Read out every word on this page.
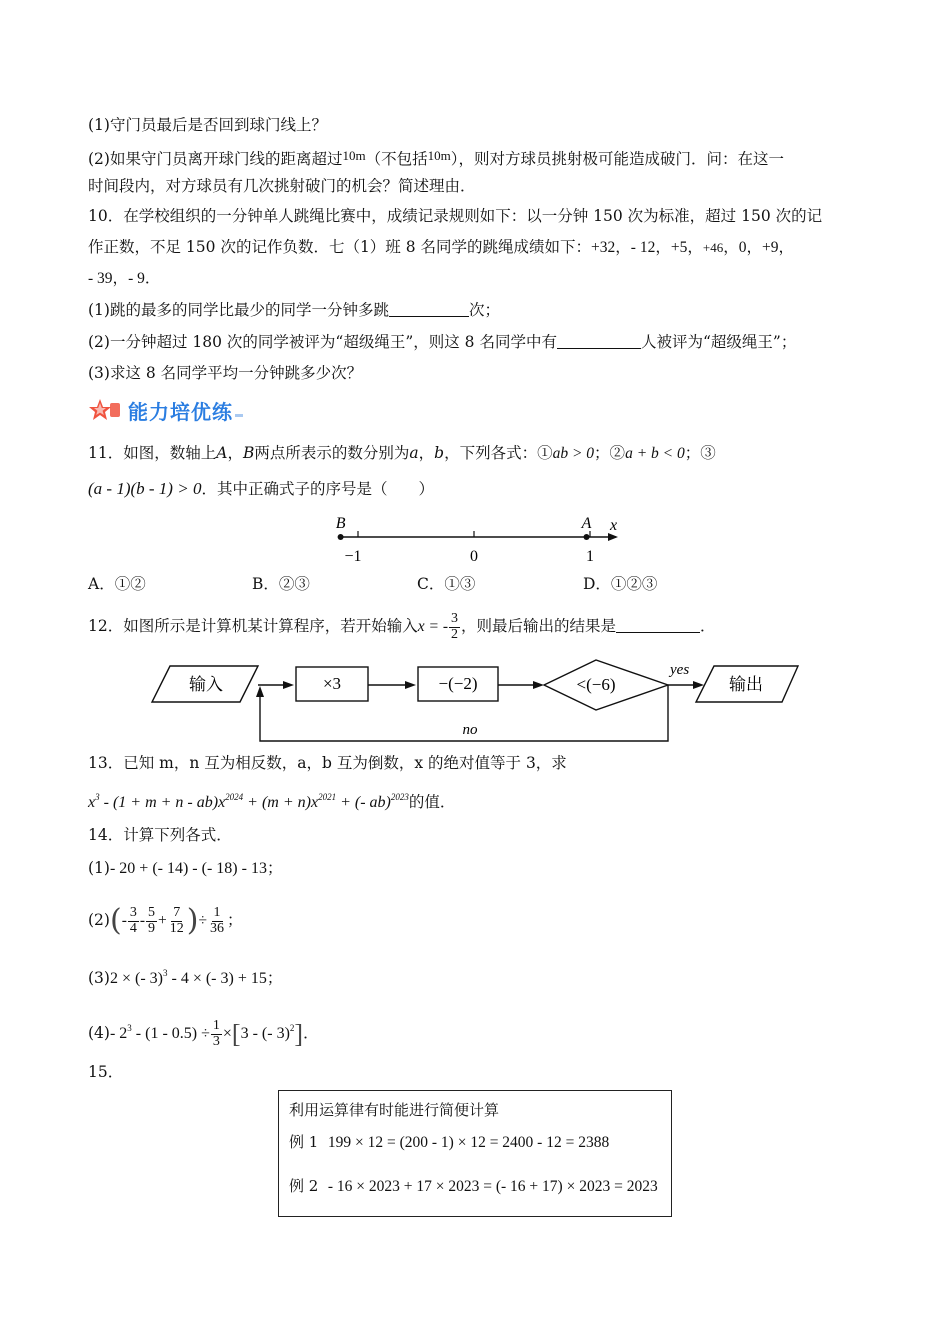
(1)守门员最后是否回到球门线上？
(2)如果守门员离开球门线的距离超过$^{10m}$（不包括$^{10m}$），则对方球员挑射极可能造成破门．问：在这一
时间段内，对方球员有几次挑射破门的机会？简述理由．
10．在学校组织的一分钟单人跳绳比赛中，成绩记录规则如下：以一分钟 150 次为标准，超过 150 次的记
作正数，不足 150 次的记作负数．七（1）班 8 名同学的跳绳成绩如下：+32，- 12，+5，+46，0，+9，
- 39，- 9．
(1)跳的最多的同学比最少的同学一分钟多跳	次；
(2)一分钟超过 180 次的同学被评为“超级绳王”，则这 8 名同学中有	人被评为“超级绳王”；
(3)求这 8 名同学平均一分钟跳多少次？
能力培优练
11．如图，数轴上A，B两点所表示的数分别为a，b，下列各式：①ab > 0；②a + b < 0；③
(a - 1)(b - 1) > 0．其中正确式子的序号是（　　）
B	A x
−1	0	1
A．①②	B．②③	C．①③	D．①②③
12．如图所示是计算机某计算程序，若开始输入x = - $\frac{3}{2}$ ，则最后输出的结果是	．
输入	×3	−(−2)	<(−6)
yes
输出
no
13．已知 m，n 互为相反数，a，b 互为倒数，x 的绝对值等于 3，求
$x^3 - (1 + m + n - ab)x^{2024} + (m + n)x^{2021}$ + (- ab)$^{2023}$的值．
14．计算下列各式．
(1)- 20 + (- 14) - (- 18) - 13；
$(2)(- \frac{3}{4} - \frac{5}{9} + \frac{7}{12}$ )÷ $\frac{1}{36}$ ；
(3)2 × (- 3)$^3$ - 4 × (- 3) + 15；
(4)- $2^3 - (1 - 0.5) \div \frac{1}{3} \times[3$ - (- 3)$^2$]．
15．
利用运算律有时能进行简便计算
例 1 199 × 12 = (200 - 1) × 12 = 2400 - 12 = 2388
例 2 - 16 × 2023 + 17 × 2023 = (- 16 + 17) × 2023 = 2023
